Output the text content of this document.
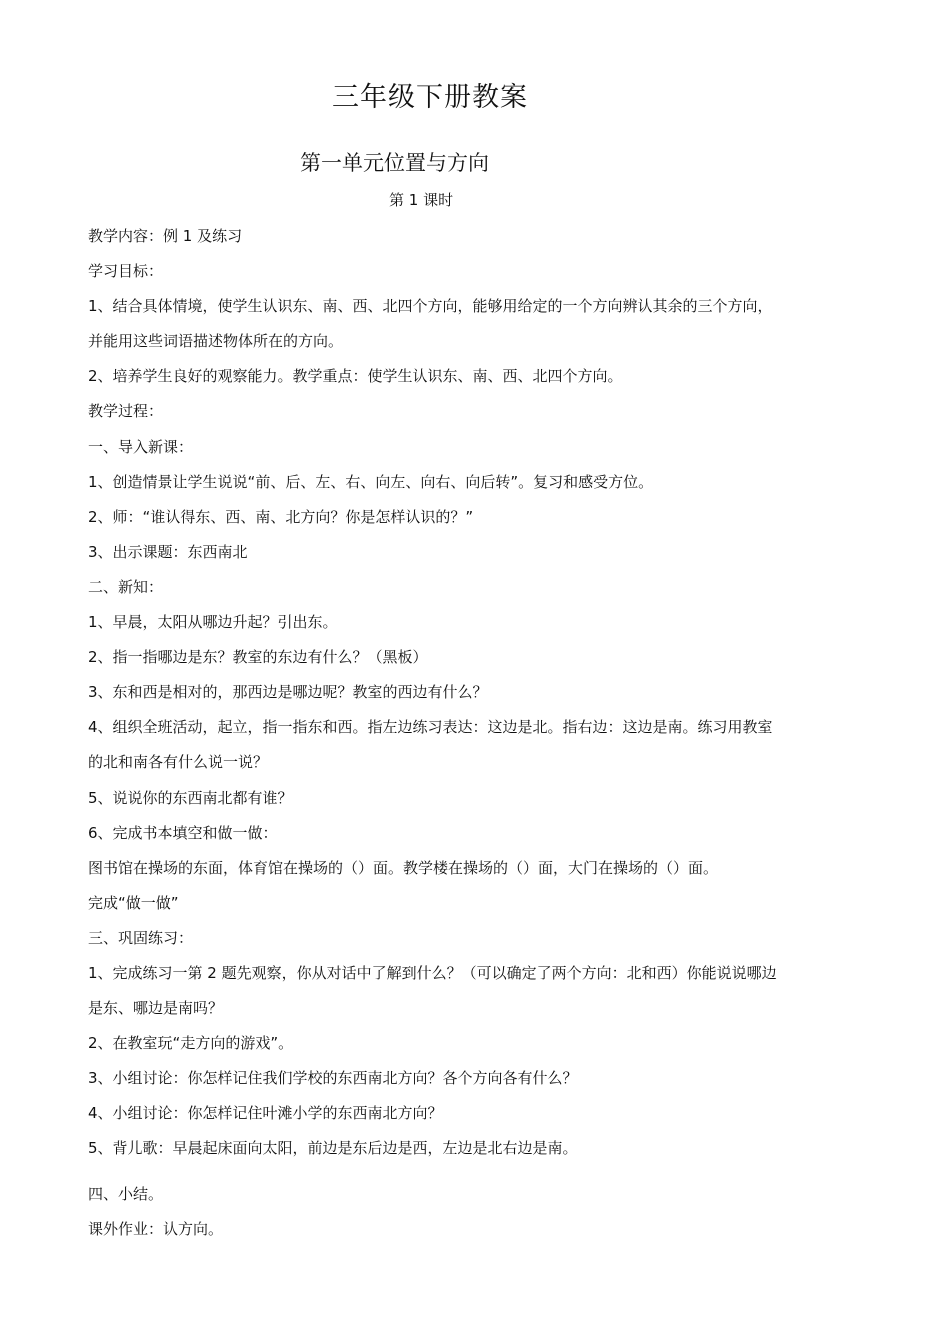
三年级下册教案
第一单元位置与方向
第 1 课时
教学内容：例 1 及练习
学习目标：
1、结合具体情境，使学生认识东、南、西、北四个方向，能够用给定的一个方向辨认其余的三个方向，
并能用这些词语描述物体所在的方向。
2、培养学生良好的观察能力。教学重点：使学生认识东、南、西、北四个方向。
教学过程：
一、导入新课：
1、创造情景让学生说说“前、后、左、右、向左、向右、向后转”。复习和感受方位。
2、师：“谁认得东、西、南、北方向？你是怎样认识的？”
3、出示课题：东西南北
二、新知：
1、早晨，太阳从哪边升起？引出东。
2、指一指哪边是东？教室的东边有什么？（黑板）
3、东和西是相对的，那西边是哪边呢？教室的西边有什么？
4、组织全班活动，起立，指一指东和西。指左边练习表达：这边是北。指右边：这边是南。练习用教室
的北和南各有什么说一说？
5、说说你的东西南北都有谁？
6、完成书本填空和做一做：
图书馆在操场的东面，体育馆在操场的（）面。教学楼在操场的（）面，大门在操场的（）面。
完成“做一做”
三、巩固练习：
1、完成练习一第 2 题先观察，你从对话中了解到什么？（可以确定了两个方向：北和西）你能说说哪边
是东、哪边是南吗？
2、在教室玩“走方向的游戏”。
3、小组讨论：你怎样记住我们学校的东西南北方向？各个方向各有什么？
4、小组讨论：你怎样记住叶滩小学的东西南北方向？
5、背儿歌：早晨起床面向太阳，前边是东后边是西，左边是北右边是南。
四、小结。
课外作业：认方向。
